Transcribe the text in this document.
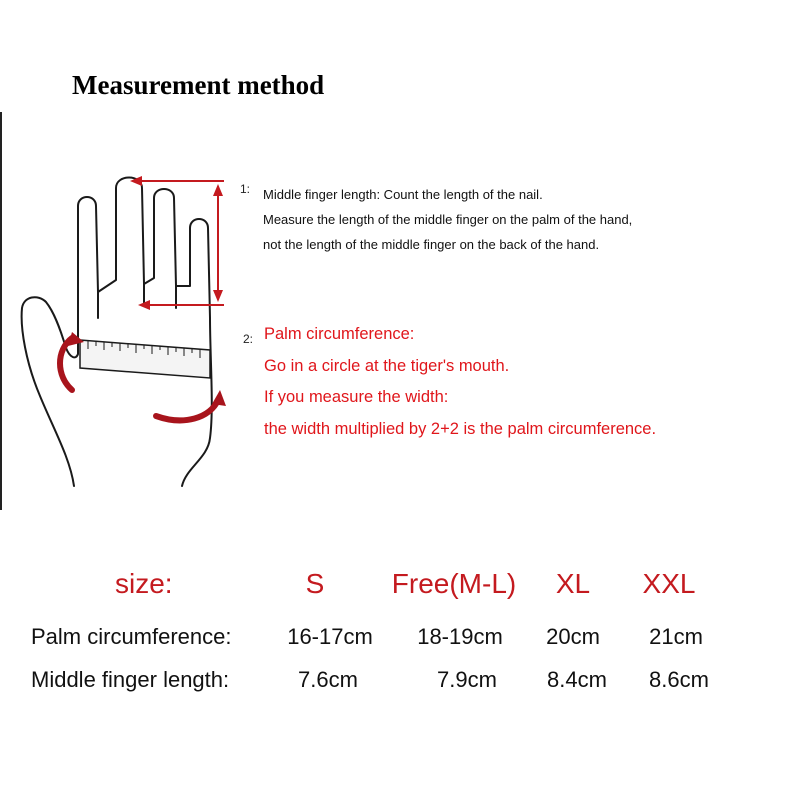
Measurement method
1: Middle finger length: Count the length of the nail.
Measure the length of the middle finger on the palm of the hand,
not the length of the middle finger on the back of the hand.
2: Palm circumference:
Go in a circle at the tiger's mouth.
If you measure the width:
the width multiplied by 2+2 is the palm circumference.
size:	S Free(M-L) XL XXL
Palm circumference:	16-17cm 18-19cm 20cm 21cm
Middle finger length:	7.6cm	7.9cm 8.4cm 8.6cm
